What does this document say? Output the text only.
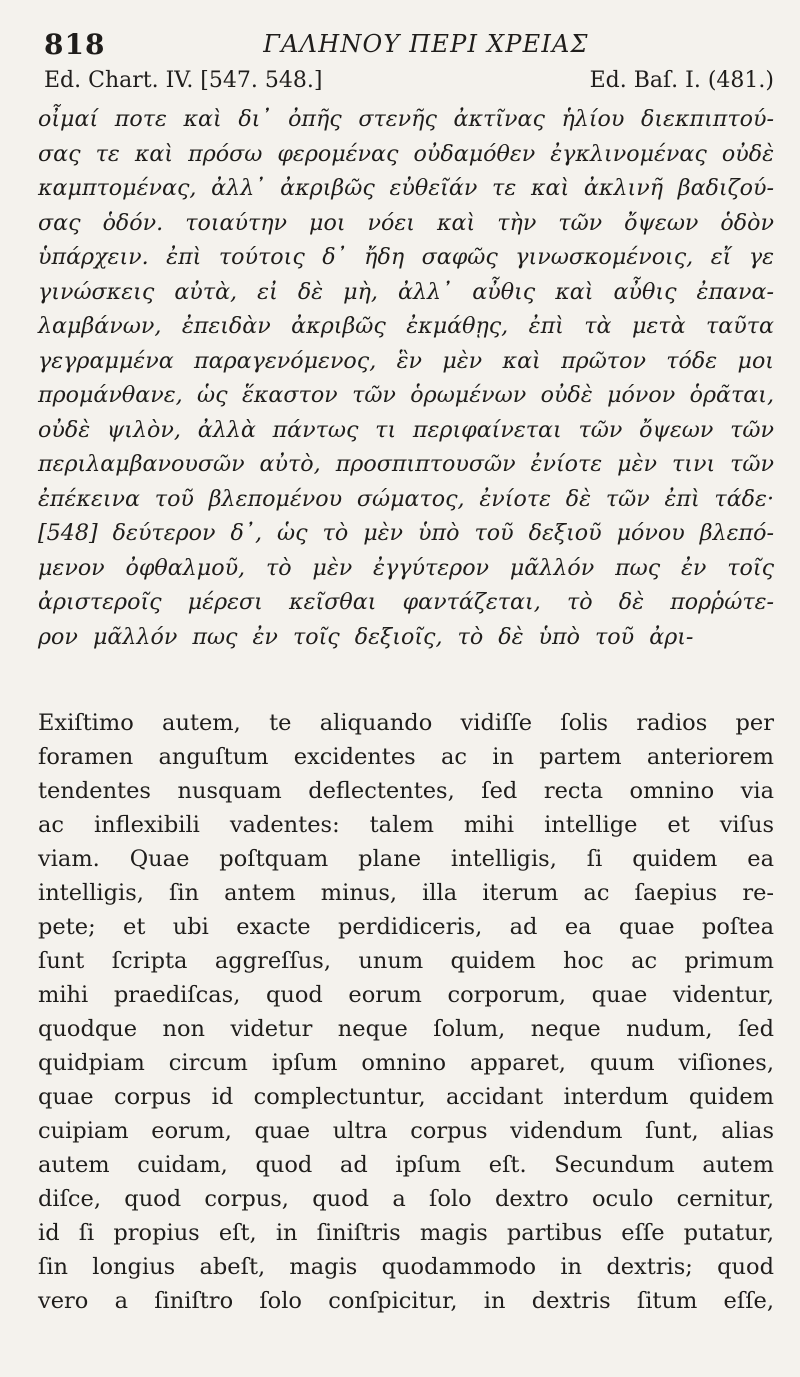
818	ΓΑΛΗΝΟΥ ΠΕΡΙ ΧΡΕΙΑΣ
Ed. Chart. IV. [547. 548.]	Ed. Baſ. I. (481.)
οἶμαί ποτε καὶ δι᾽ ὀπῆς στενῆς ἀκτῖνας ἡλίου διεκπιπτού-
σας τε καὶ πρόσω φερομένας οὐδαμόθεν ἐγκλινομένας οὐδὲ
καμπτομένας, ἀλλ᾽ ἀκριβῶς εὐθεῖάν τε καὶ ἀκλινῆ βαδιζού-
σας ὁδόν. τοιαύτην μοι νόει καὶ τὴν τῶν ὄψεων ὁδὸν
ὑπάρχειν. ἐπὶ τούτοις δ᾽ ἤδη σαφῶς γινωσκομένοις, εἴ γε
γινώσκεις αὐτὰ, εἰ δὲ μὴ, ἀλλ᾽ αὖθις καὶ αὖθις ἐπανα-
λαμβάνων, ἐπειδὰν ἀκριβῶς ἐκμάθῃς, ἐπὶ τὰ μετὰ ταῦτα
γεγραμμένα παραγενόμενος, ἓν μὲν καὶ πρῶτον τόδε μοι
προμάνθανε, ὡς ἕκαστον τῶν ὁρωμένων οὐδὲ μόνον ὁρᾶται,
οὐδὲ ψιλὸν, ἀλλὰ πάντως τι περιφαίνεται τῶν ὄψεων τῶν
περιλαμβανουσῶν αὐτὸ, προσπιπτουσῶν ἐνίοτε μὲν τινι τῶν
ἐπέκεινα τοῦ βλεπομένου σώματος, ἐνίοτε δὲ τῶν ἐπὶ τάδε·
[548] δεύτερον δ᾽, ὡς τὸ μὲν ὑπὸ τοῦ δεξιοῦ μόνου βλεπό-
μενον ὀφθαλμοῦ, τὸ μὲν ἐγγύτερον μᾶλλόν πως ἐν τοῖς
ἀριστεροῖς μέρεσι κεῖσθαι φαντάζεται, τὸ δὲ πορῥώτε-
ρον μᾶλλόν πως ἐν τοῖς δεξιοῖς, τὸ δὲ ὑπὸ τοῦ ἀρι-
Exiſtimo autem, te aliquando vidiſſe ſolis radios per
foramen anguſtum excidentes ac in partem anteriorem
tendentes nusquam deflectentes, ſed recta omnino via
ac inflexibili vadentes: talem mihi intellige et viſus
viam. Quae poſtquam plane intelligis, ſi quidem ea
intelligis, ſin antem minus, illa iterum ac ſaepius re-
pete; et ubi exacte perdidiceris, ad ea quae poſtea
ſunt ſcripta aggreſſus, unum quidem hoc ac primum
mihi praediſcas, quod eorum corporum, quae videntur,
quodque non videtur neque ſolum, neque nudum, ſed
quidpiam circum ipſum omnino apparet, quum viſiones,
quae corpus id complectuntur, accidant interdum quidem
cuipiam eorum, quae ultra corpus videndum ſunt, alias
autem cuidam, quod ad ipſum eſt. Secundum autem
diſce, quod corpus, quod a ſolo dextro oculo cernitur,
id ſi propius eſt, in ſiniſtris magis partibus eſſe putatur,
ſin longius abeſt, magis quodammodo in dextris; quod
vero a ſiniſtro ſolo conſpicitur, in dextris ſitum eſſe,
